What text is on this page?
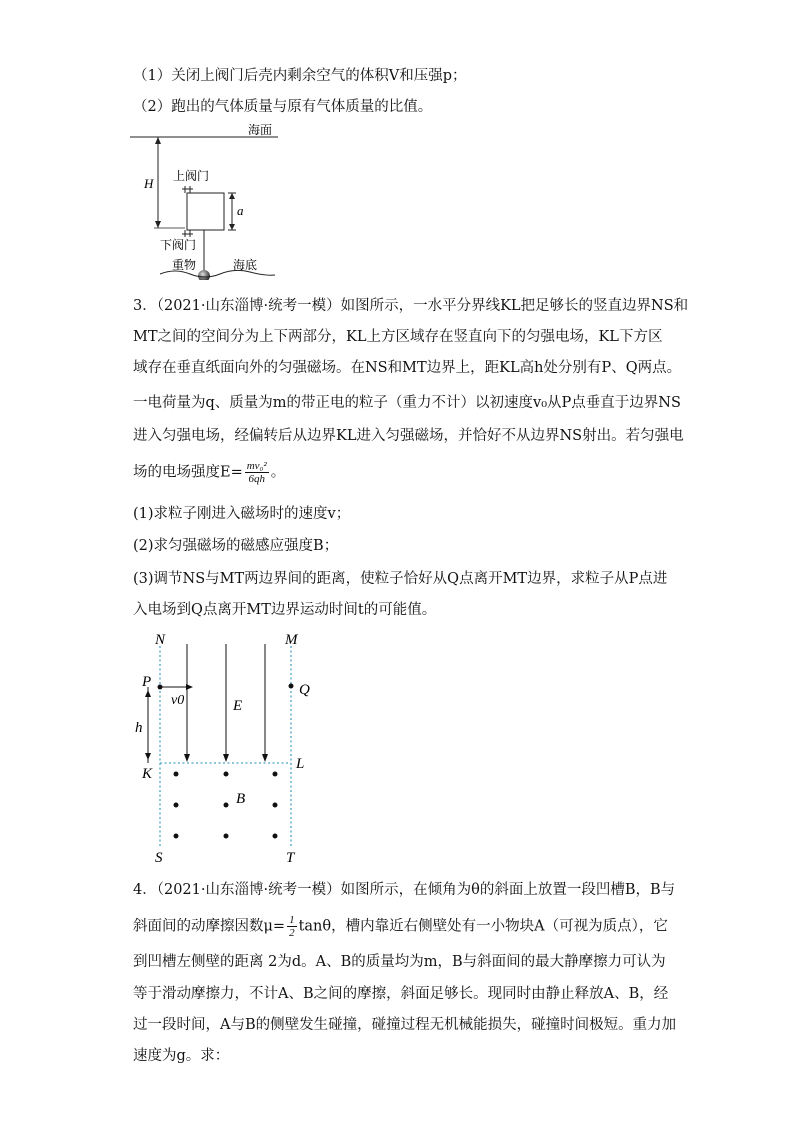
（1）关闭上阀门后壳内剩余空气的体积V和压强p；
（2）跑出的气体质量与原有气体质量的比值。
海面
H 上阀门
a
下阀门
重物	海底
3．（2021·山东淄博·统考一模）如图所示，一水平分界线KL把足够长的竖直边界NS和
MT之间的空间分为上下两部分，KL上方区域存在竖直向下的匀强电场，KL下方区
域存在垂直纸面向外的匀强磁场。在NS和MT边界上，距KL高h处分别有P、Q两点。
一电荷量为q、质量为m的带正电的粒子（重力不计）以初速度v₀从P点垂直于边界NS
进入匀强电场，经偏转后从边界KL进入匀强磁场，并恰好不从边界NS射出。若匀强电
场的电场强度$E= \frac{\text{mv₀²}}{6qh}$ 。
(1)求粒子刚进入磁场时的速度v；
(2)求匀强磁场的磁感应强度B；
(3)调节NS与MT两边界间的距离，使粒子恰好从Q点离开MT边界，求粒子从P点进
入电场到Q点离开MT边界运动时间t的可能值。
N	M
P	Q
K
L
S	T
v0
h
E
B
4．（2021·山东淄博·统考一模）如图所示，在倾角为θ的斜面上放置一段凹槽B，B与
斜面间的动摩擦因数$\mu= \frac{1}{2}$ tanθ，槽内靠近右侧壁处有一小物块A（可视为质点），它
到凹槽左侧壁的距离 2为d。A、B的质量均为m，B与斜面间的最大静摩擦力可认为
等于滑动摩擦力，不计A、B之间的摩擦，斜面足够长。现同时由静止释放A、B，经
过一段时间，A与B的侧壁发生碰撞，碰撞过程无机械能损失，碰撞时间极短。重力加
速度为g。求：
